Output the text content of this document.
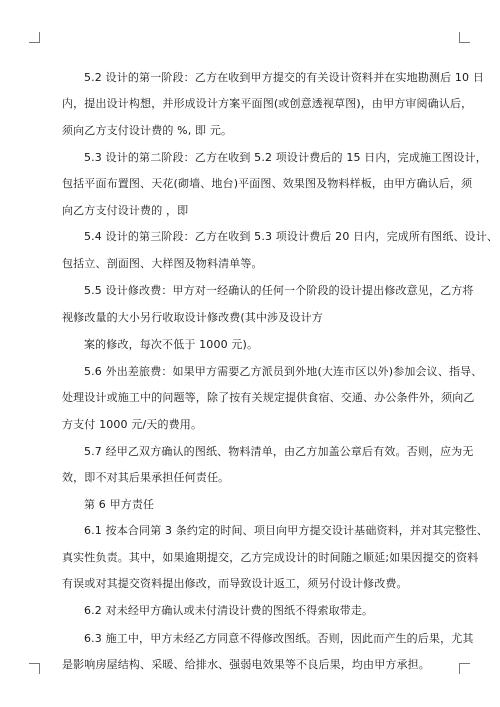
5.2 设计的第一阶段：乙方在收到甲方提交的有关设计资料并在实地勘测后 10 日
内，提出设计构想，并形成设计方案平面图(或创意透视草图)，由甲方审阅确认后，
须向乙方支付设计费的 %, 即 元。
5.3 设计的第二阶段：乙方在收到 5.2 项设计费后的 15 日内，完成施工图设计，
包括平面布置图、天花(砌墙、地台)平面图、效果图及物料样板，由甲方确认后，须
向乙方支付设计费的 ，即
5.4 设计的第三阶段：乙方在收到 5.3 项设计费后 20 日内，完成所有图纸、设计、
包括立、剖面图、大样图及物料清单等。
5.5 设计修改费：甲方对一经确认的任何一个阶段的设计提出修改意见，乙方将
视修改量的大小另行收取设计修改费(其中涉及设计方
案的修改，每次不低于 1000 元)。
5.6 外出差旅费：如果甲方需要乙方派员到外地(大连市区以外)参加会议、指导、
处理设计或施工中的问题等，除了按有关规定提供食宿、交通、办公条件外，须向乙
方支付 1000 元/天的费用。
5.7 经甲乙双方确认的图纸、物料清单，由乙方加盖公章后有效。否则，应为无
效，即不对其后果承担任何责任。
第 6 甲方责任
6.1 按本合同第 3 条约定的时间、项目向甲方提交设计基础资料，并对其完整性、
真实性负责。其中，如果逾期提交，乙方完成设计的时间随之顺延;如果因提交的资料
有误或对其提交资料提出修改，而导致设计返工，须另付设计修改费。
6.2 对未经甲方确认或未付清设计费的图纸不得索取带走。
6.3 施工中，甲方未经乙方同意不得修改图纸。否则，因此而产生的后果，尤其
是影响房屋结构、采暖、给排水、强弱电效果等不良后果，均由甲方承担。
